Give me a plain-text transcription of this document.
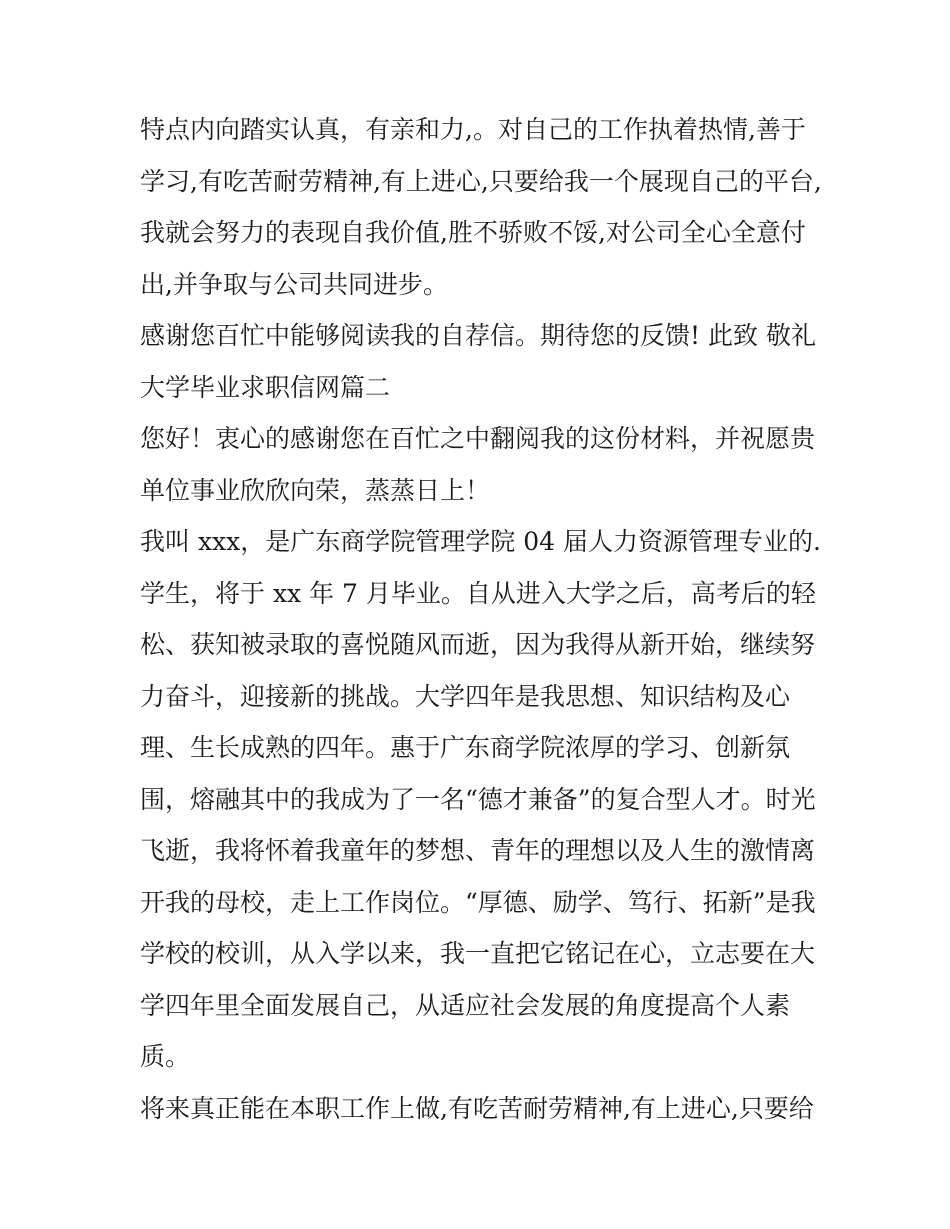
特点内向踏实认真，有亲和力,。对自己的工作执着热情,善于
学习,有吃苦耐劳精神,有上进心,只要给我一个展现自己的平台,
我就会努力的表现自我价值,胜不骄败不馁,对公司全心全意付
出,并争取与公司共同进步。
感谢您百忙中能够阅读我的自荐信。期待您的反馈! 此致 敬礼
大学毕业求职信网篇二
您好！衷心的感谢您在百忙之中翻阅我的这份材料，并祝愿贵
单位事业欣欣向荣，蒸蒸日上！
我叫 xxx，是广东商学院管理学院 04 届人力资源管理专业的.
学生，将于 xx 年 7 月毕业。自从进入大学之后，高考后的轻
松、获知被录取的喜悦随风而逝，因为我得从新开始，继续努
力奋斗，迎接新的挑战。大学四年是我思想、知识结构及心
理、生长成熟的四年。惠于广东商学院浓厚的学习、创新氛
围，熔融其中的我成为了一名“德才兼备”的复合型人才。时光
飞逝，我将怀着我童年的梦想、青年的理想以及人生的激情离
开我的母校，走上工作岗位。“厚德、励学、笃行、拓新”是我
学校的校训，从入学以来，我一直把它铭记在心，立志要在大
学四年里全面发展自己，从适应社会发展的角度提高个人素
质。
将来真正能在本职工作上做,有吃苦耐劳精神,有上进心,只要给
